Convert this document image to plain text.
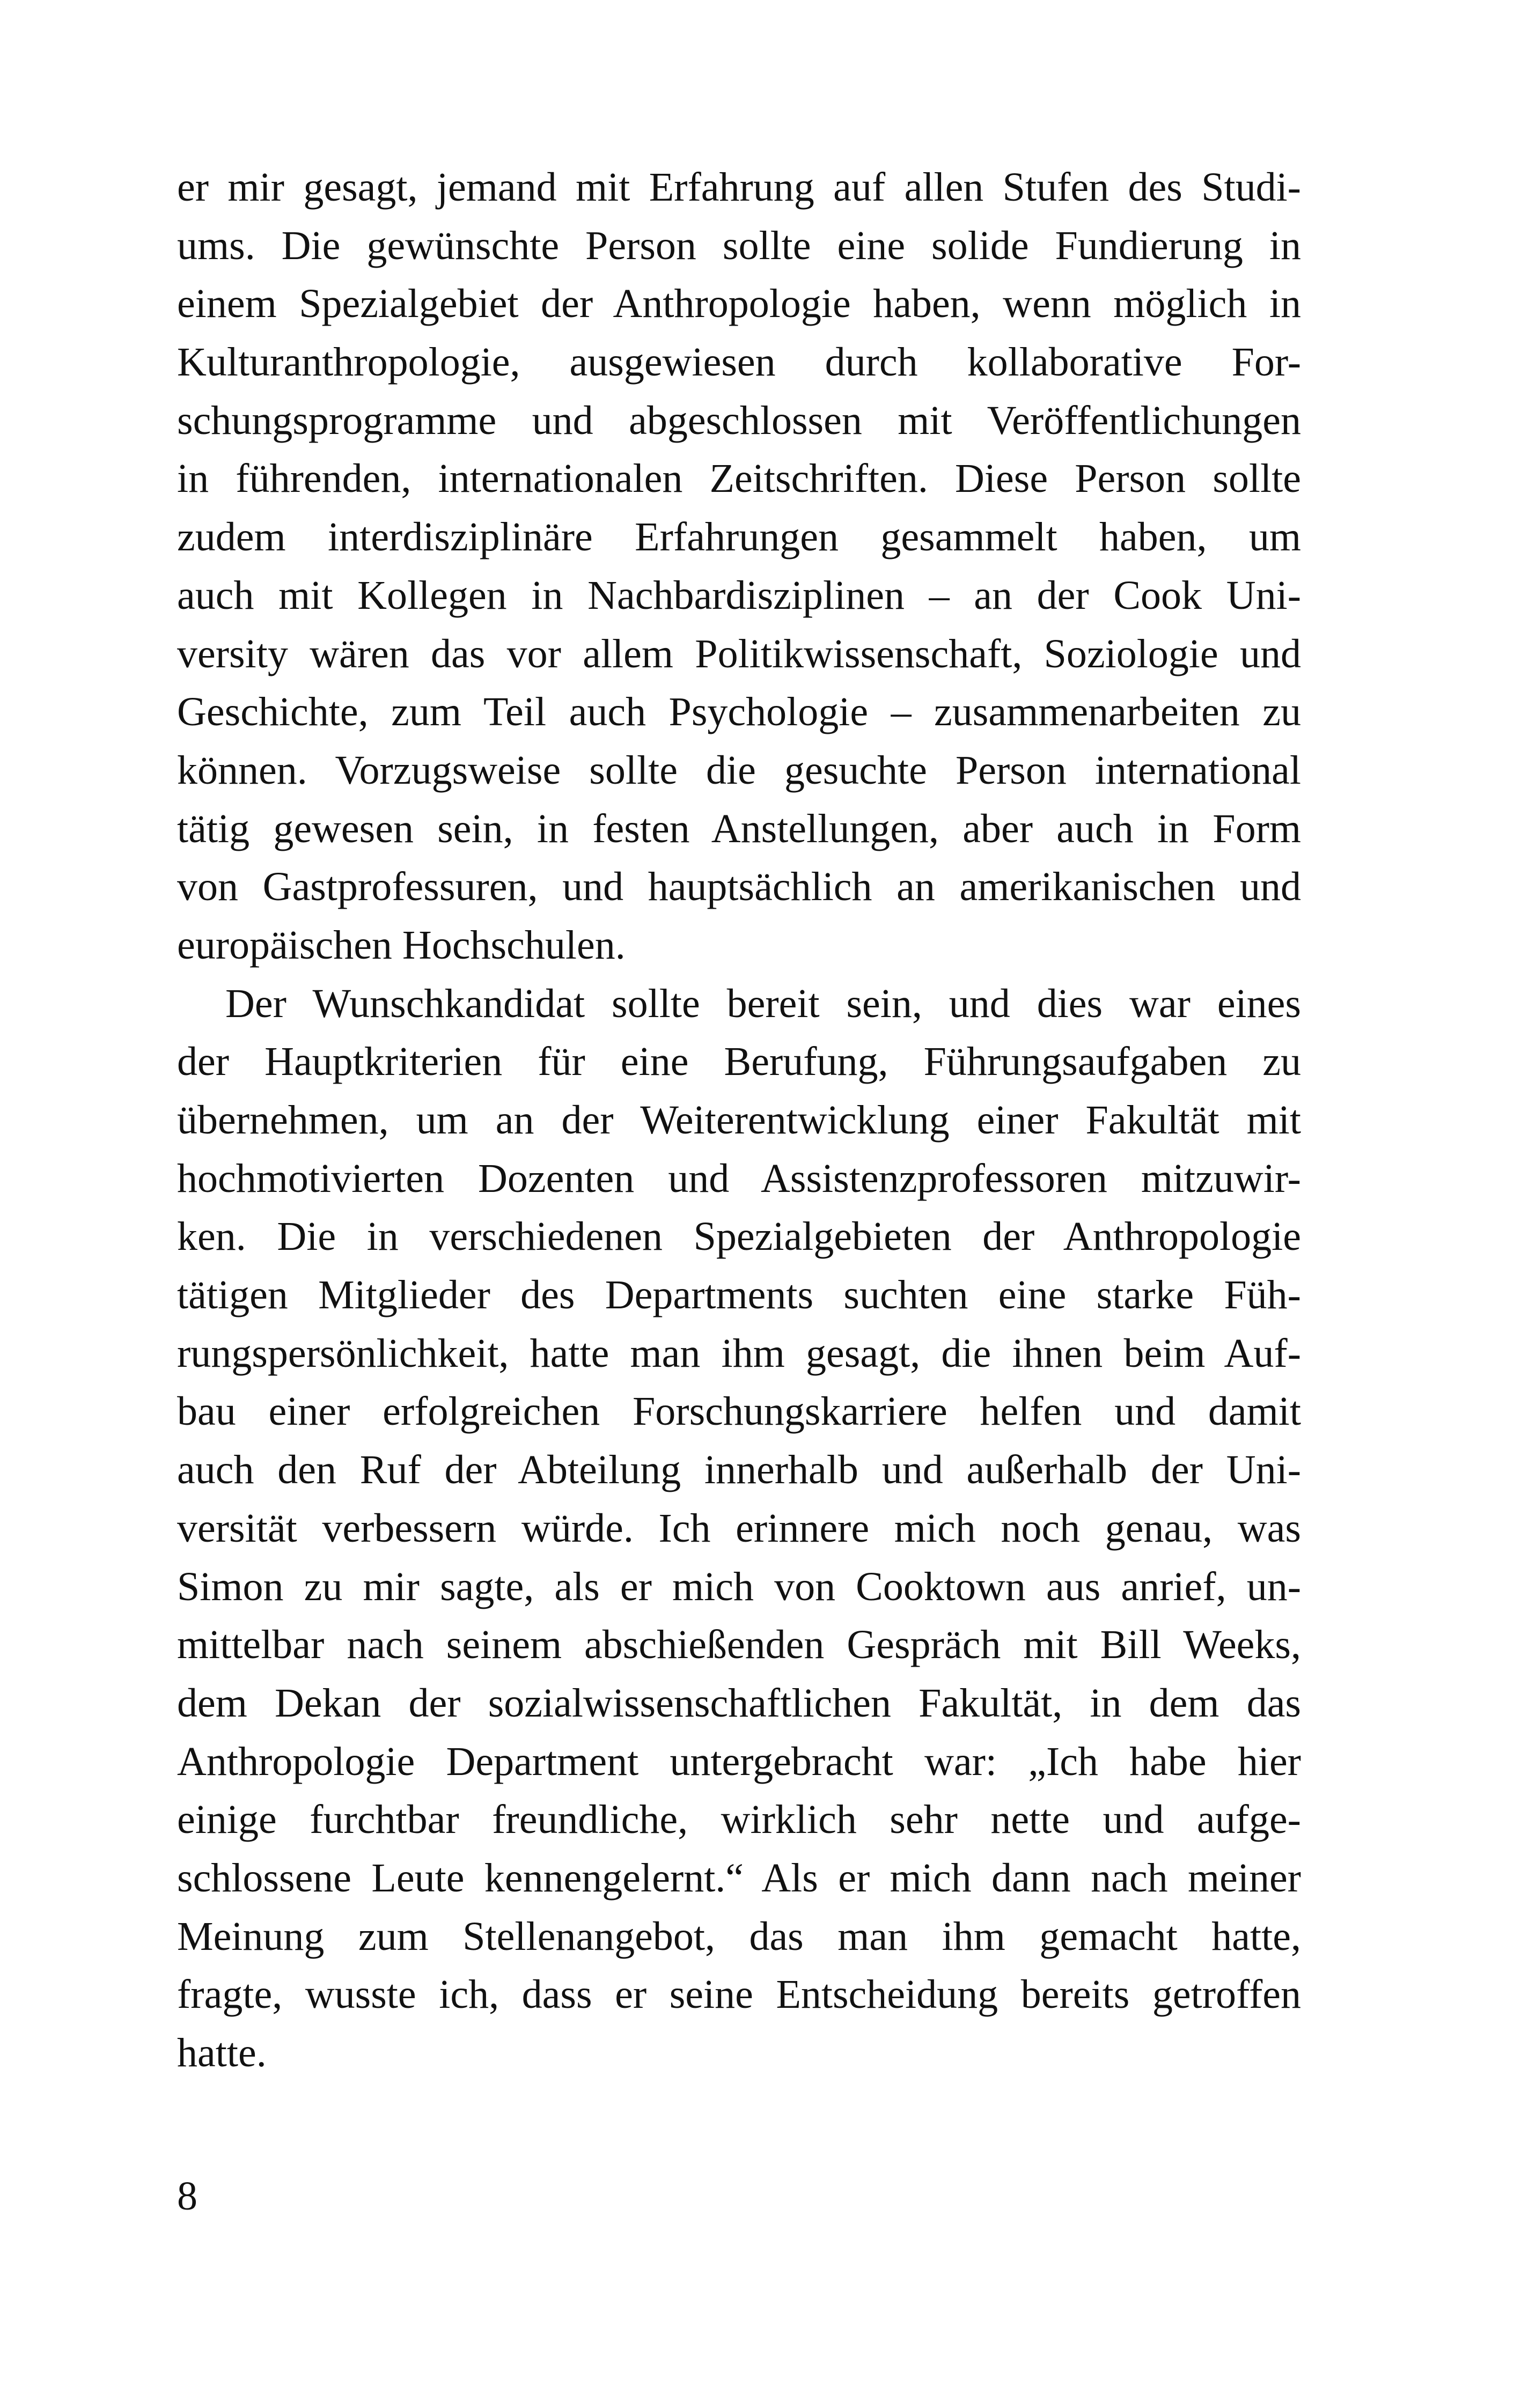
er mir gesagt, jemand mit Erfahrung auf allen Stufen des Studi-
ums. Die gewünschte Person sollte eine solide Fundierung in
einem Spezialgebiet der Anthropologie haben, wenn möglich in
Kulturanthropologie, ausgewiesen durch kollaborative For-
schungsprogramme und abgeschlossen mit Veröffentlichungen
in führenden, internationalen Zeitschriften. Diese Person sollte
zudem interdisziplinäre Erfahrungen gesammelt haben, um
auch mit Kollegen in Nachbardisziplinen – an der Cook Uni-
versity wären das vor allem Politikwissenschaft, Soziologie und
Geschichte, zum Teil auch Psychologie – zusammenarbeiten zu
können. Vorzugsweise sollte die gesuchte Person international
tätig gewesen sein, in festen Anstellungen, aber auch in Form
von Gastprofessuren, und hauptsächlich an amerikanischen und
europäischen Hochschulen.
Der Wunschkandidat sollte bereit sein, und dies war eines
der Hauptkriterien für eine Berufung, Führungsaufgaben zu
übernehmen, um an der Weiterentwicklung einer Fakultät mit
hochmotivierten Dozenten und Assistenzprofessoren mitzuwir-
ken. Die in verschiedenen Spezialgebieten der Anthropologie
tätigen Mitglieder des Departments suchten eine starke Füh-
rungspersönlichkeit, hatte man ihm gesagt, die ihnen beim Auf-
bau einer erfolgreichen Forschungskarriere helfen und damit
auch den Ruf der Abteilung innerhalb und außerhalb der Uni-
versität verbessern würde. Ich erinnere mich noch genau, was
Simon zu mir sagte, als er mich von Cooktown aus anrief, un-
mittelbar nach seinem abschießenden Gespräch mit Bill Weeks,
dem Dekan der sozialwissenschaftlichen Fakultät, in dem das
Anthropologie Department untergebracht war: „Ich habe hier
einige furchtbar freundliche, wirklich sehr nette und aufge-
schlossene Leute kennengelernt.“ Als er mich dann nach meiner
Meinung zum Stellenangebot, das man ihm gemacht hatte,
fragte, wusste ich, dass er seine Entscheidung bereits getroffen
hatte.
8
